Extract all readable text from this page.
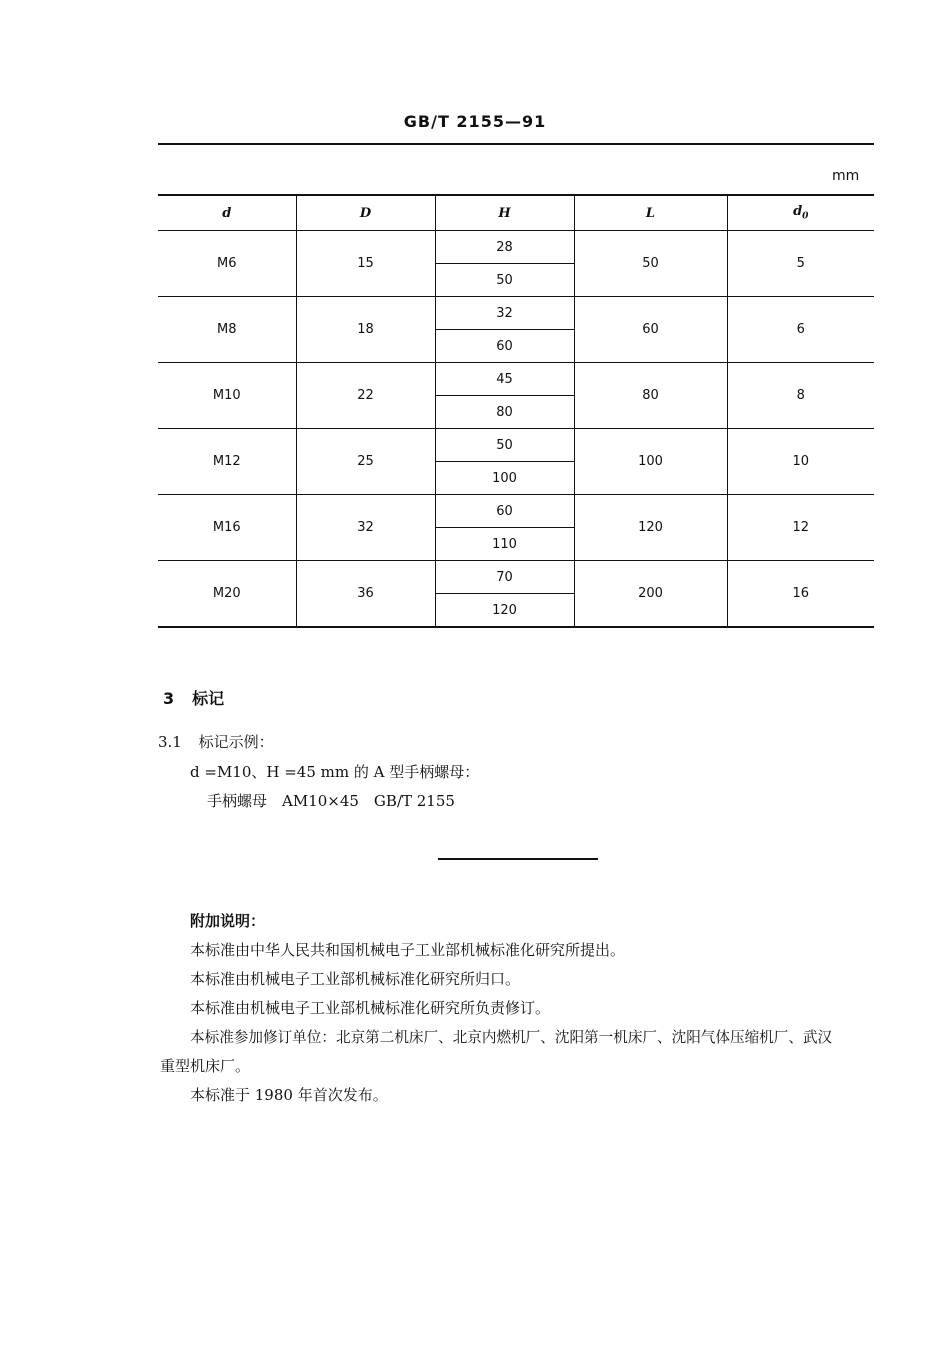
GB/T 2155—91
mm
d	D	H	L	$d_0$
M6	15	28	50	5
		50		
M8	18	32	60	6
		60		
M10	22	45	80	8
		80		
M12	25	50	100	10
		100		
M16	32	60	120	12
		110		
M20	36	70	200	16
		120		
3 标记
3.1 标记示例：
d =M10、H =45 mm 的 A 型手柄螺母：
手柄螺母　AM10×45　GB/T 2155
附加说明：
本标准由中华人民共和国机械电子工业部机械标准化研究所提出。
本标准由机械电子工业部机械标准化研究所归口。
本标准由机械电子工业部机械标准化研究所负责修订。
本标准参加修订单位：北京第二机床厂、北京内燃机厂、沈阳第一机床厂、沈阳气体压缩机厂、武汉
重型机床厂。
本标准于 1980 年首次发布。
